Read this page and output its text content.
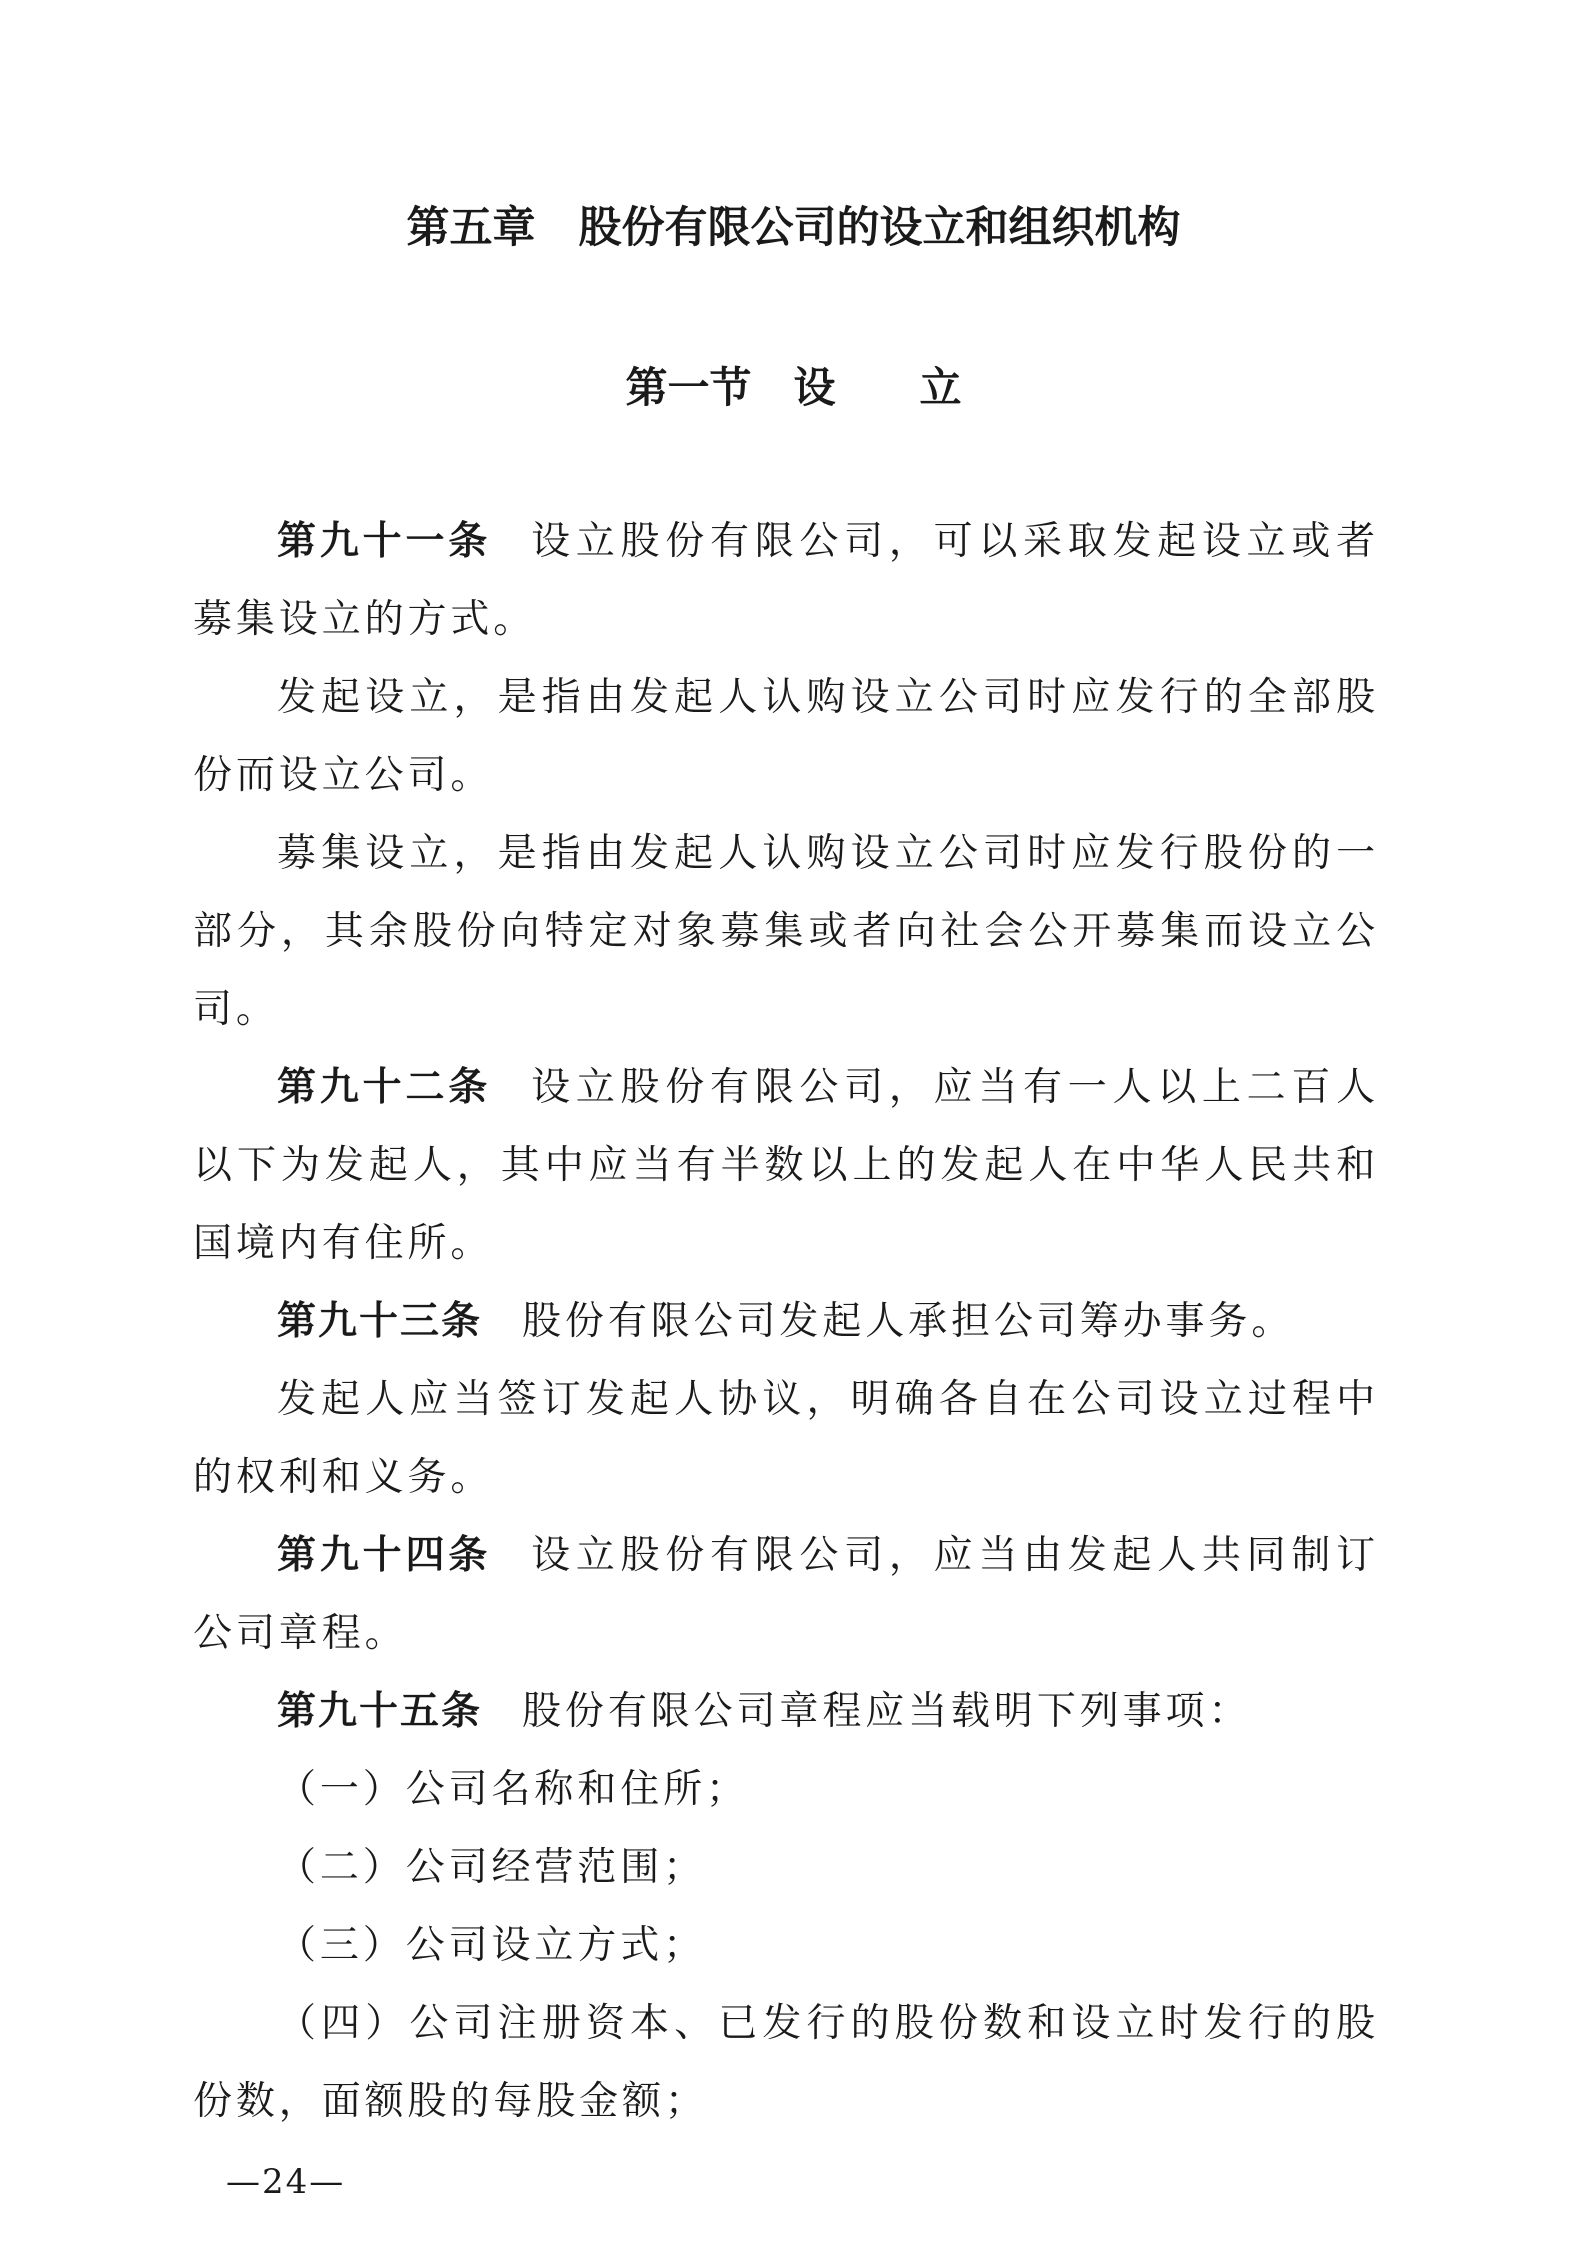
第五章　股份有限公司的设立和组织机构
第一节　设　　立

第九十一条 设立股份有限公司，可以采取发起设立或者募集设立的方式。

发起设立，是指由发起人认购设立公司时应发行的全部股份而设立公司。

募集设立，是指由发起人认购设立公司时应发行股份的一部分，其余股份向特定对象募集或者向社会公开募集而设立公司。

第九十二条 设立股份有限公司，应当有一人以上二百人以下为发起人，其中应当有半数以上的发起人在中华人民共和国境内有住所。

第九十三条 股份有限公司发起人承担公司筹办事务。

发起人应当签订发起人协议，明确各自在公司设立过程中的权利和义务。

第九十四条 设立股份有限公司，应当由发起人共同制订公司章程。

第九十五条 股份有限公司章程应当载明下列事项：

（一）公司名称和住所；

（二）公司经营范围；

（三）公司设立方式；

（四）公司注册资本、已发行的股份数和设立时发行的股份数，面额股的每股金额；

—24—
